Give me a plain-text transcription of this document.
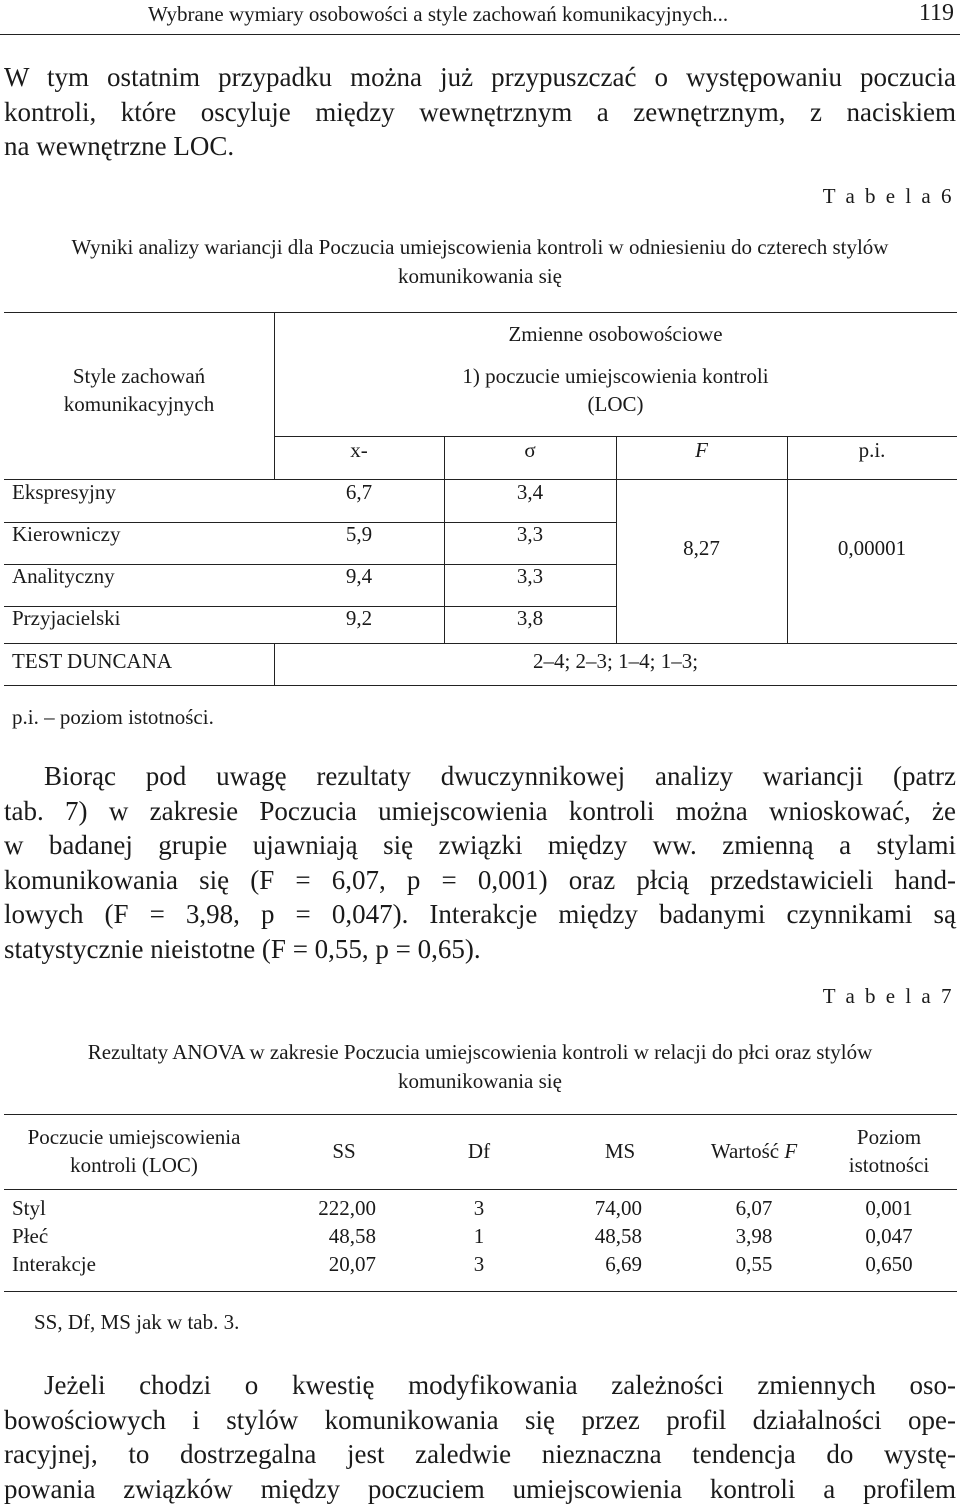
Wybrane wymiary osobowości a style zachowań komunikacyjnych...	119
W tym ostatnim przypadku można już przypuszczać o występowaniu poczucia
kontroli, które oscyluje między wewnętrznym a zewnętrznym, z naciskiem
na wewnętrzne LOC.
T a b e l a 6
Wyniki analizy wariancji dla Poczucia umiejscowienia kontroli w odniesieniu do czterech stylów
komunikowania się
Style zachowań
komunikacyjnych
Zmienne osobowościowe
1) poczucie umiejscowienia kontroli
(LOC)
x-	σ	F	p.i.
Ekspresyjny	6,7	3,4
Kierowniczy	5,9	3,3
Analityczny	9,4	3,3
Przyjacielski	9,2	3,8
8,27	0,00001
TEST DUNCANA	2–4; 2–3; 1–4; 1–3;
p.i. – poziom istotności.
Biorąc pod uwagę rezultaty dwuczynnikowej analizy wariancji (patrz
tab. 7) w zakresie Poczucia umiejscowienia kontroli można wnioskować, że
w badanej grupie ujawniają się związki między ww. zmienną a stylami
komunikowania się (F = 6,07, p = 0,001) oraz płcią przedstawicieli hand-
lowych (F = 3,98, p = 0,047). Interakcje między badanymi czynnikami są
statystycznie nieistotne (F = 0,55, p = 0,65).
T a b e l a 7
Rezultaty ANOVA w zakresie Poczucia umiejscowienia kontroli w relacji do płci oraz stylów
komunikowania się
Poczucie umiejscowienia
kontroli (LOC)
SS	Df	MS	Wartość F
Poziom
istotności
Styl	222,00	3	74,00	6,07	0,001
Płeć	48,58	1	48,58	3,98	0,047
Interakcje	20,07	3	6,69	0,55	0,650
SS, Df, MS jak w tab. 3.
Jeżeli chodzi o kwestię modyfikowania zależności zmiennych oso-
bowościowych i stylów komunikowania się przez profil działalności ope-
racyjnej, to dostrzegalna jest zaledwie nieznaczna tendencja do wystę-
powania związków między poczuciem umiejscowienia kontroli a profilem
